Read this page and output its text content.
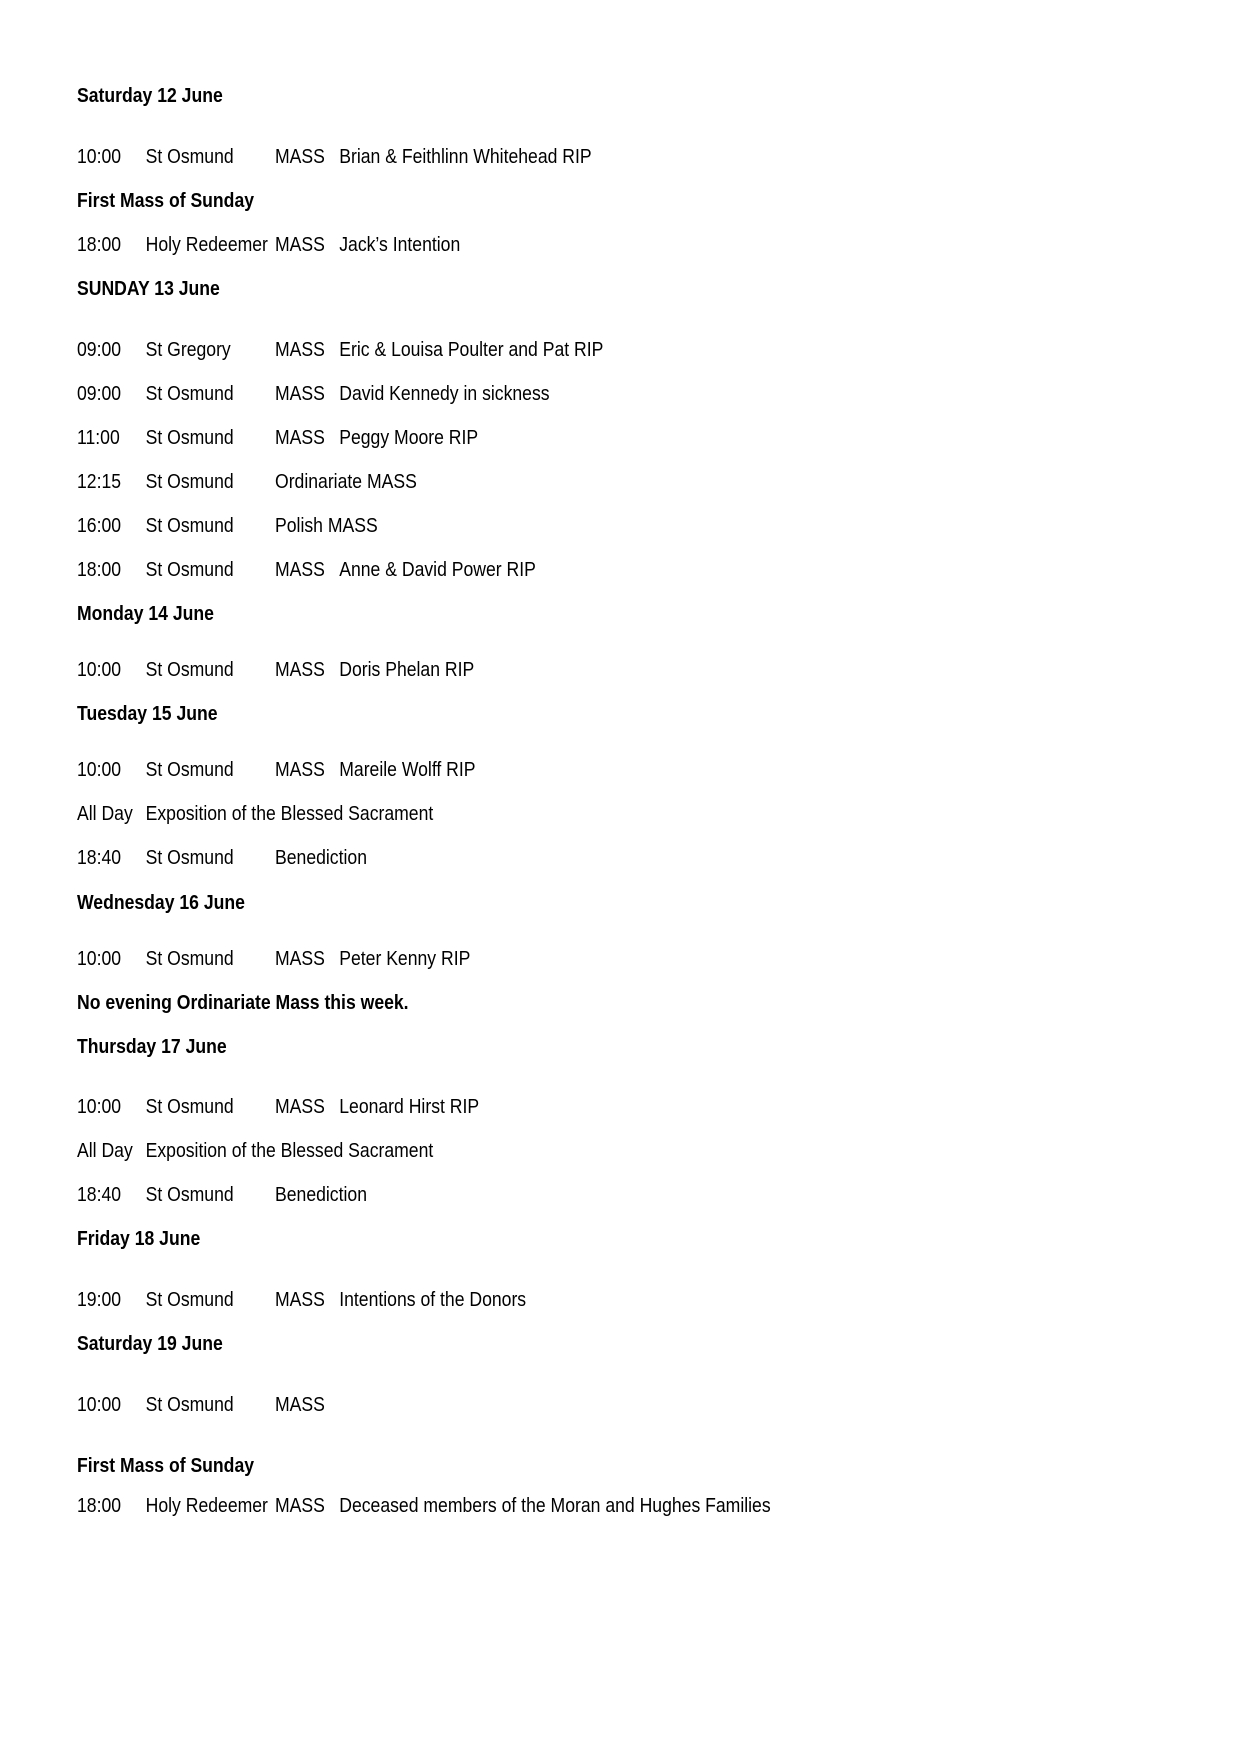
Saturday 12 June
10:00 St Osmund MASS Brian & Feithlinn Whitehead RIP
First Mass of Sunday
18:00 Holy Redeemer MASS Jack’s Intention
SUNDAY 13 June
09:00 St Gregory MASS Eric & Louisa Poulter and Pat RIP
09:00 St Osmund MASS David Kennedy in sickness
11:00 St Osmund MASS Peggy Moore RIP
12:15 St Osmund Ordinariate MASS
16:00 St Osmund Polish MASS
18:00 St Osmund MASS Anne & David Power RIP
Monday 14 June
10:00 St Osmund MASS Doris Phelan RIP
Tuesday 15 June
10:00 St Osmund MASS Mareile Wolff RIP
All Day Exposition of the Blessed Sacrament
18:40 St Osmund Benediction
Wednesday 16 June
10:00 St Osmund MASS Peter Kenny RIP
No evening Ordinariate Mass this week.
Thursday 17 June
10:00 St Osmund MASS Leonard Hirst RIP
All Day Exposition of the Blessed Sacrament
18:40 St Osmund Benediction
Friday 18 June
19:00 St Osmund MASS Intentions of the Donors
Saturday 19 June
10:00 St Osmund MASS
First Mass of Sunday
18:00 Holy Redeemer MASS Deceased members of the Moran and Hughes Families
